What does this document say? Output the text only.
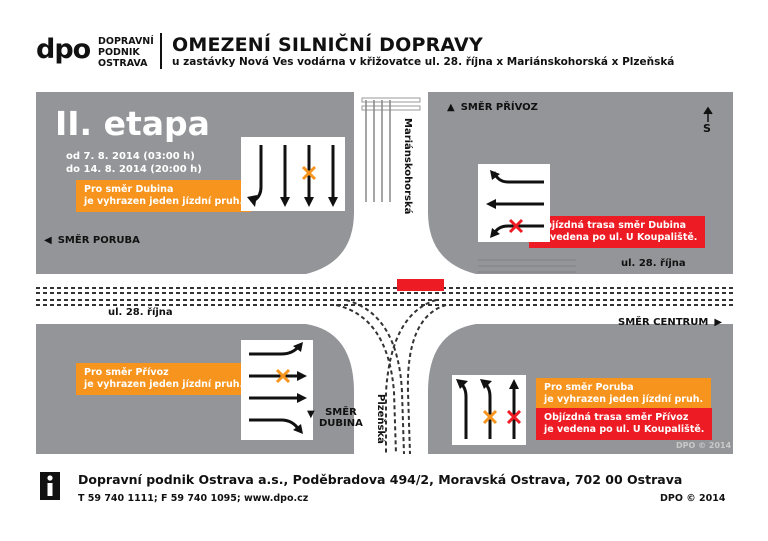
dpo DOPRAVNÍ
PODNIK
OSTRAVA
OMEZENÍ SILNIČNÍ DOPRAVY
u zastávky Nová Ves vodárna v křižovatce ul. 28. října x Mariánskohorská x Plzeňská
S
II. etapa
od 7. 8. 2014 (03:00 h)
do 14. 8. 2014 (20:00 h)
Pro směr Dubina
je vyhrazen jeden jízdní pruh.
Objízdná trasa směr Dubina
je vedena po ul. U Koupaliště.
Pro směr Přívoz
je vyhrazen jeden jízdní pruh.	Pro směr Poruba
je vyhrazen jeden jízdní pruh.
Objízdná trasa směr Přívoz
je vedena po ul. U Koupaliště.
▲ SMĚR PŘÍVOZ
◀ SMĚR PORUBA
SMĚR CENTRUM ▶
▼ SMĚR
DUBINA
Mariánskohorská
Plzeňská
ul. 28. října
ul. 28. října
DPO © 2014
Dopravní podnik Ostrava a.s., Poděbradova 494/2, Moravská Ostrava, 702 00 Ostrava
T 59 740 1111; F 59 740 1095; www.dpo.cz	DPO © 2014
